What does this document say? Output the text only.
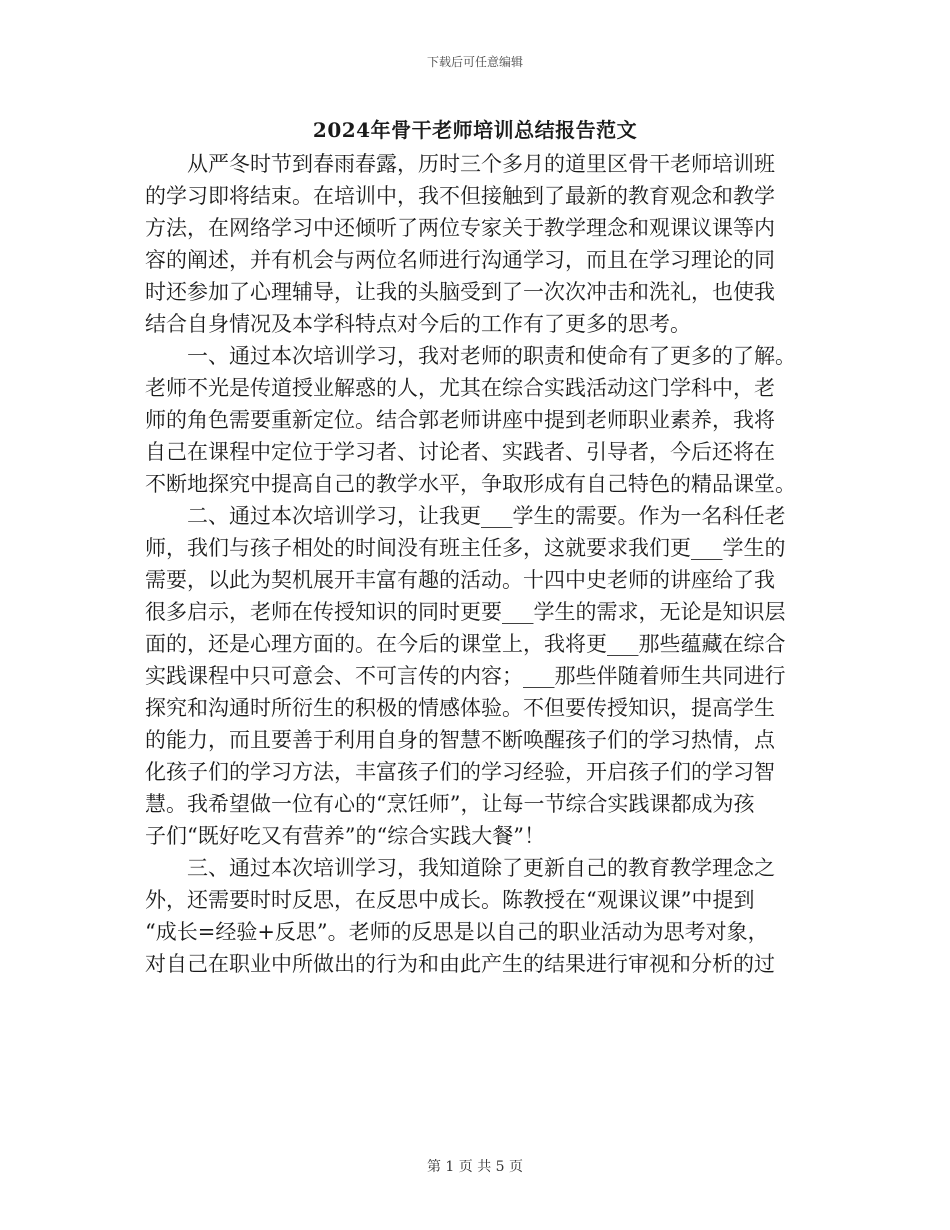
下载后可任意编辑
2024年骨干老师培训总结报告范文
　　从严冬时节到春雨春露，历时三个多月的道里区骨干老师培训班
的学习即将结束。在培训中，我不但接触到了最新的教育观念和教学
方法，在网络学习中还倾听了两位专家关于教学理念和观课议课等内
容的阐述，并有机会与两位名师进行沟通学习，而且在学习理论的同
时还参加了心理辅导，让我的头脑受到了一次次冲击和洗礼，也使我
结合自身情况及本学科特点对今后的工作有了更多的思考。
　　一、通过本次培训学习，我对老师的职责和使命有了更多的了解。
老师不光是传道授业解惑的人，尤其在综合实践活动这门学科中，老
师的角色需要重新定位。结合郭老师讲座中提到老师职业素养，我将
自己在课程中定位于学习者、讨论者、实践者、引导者，今后还将在
不断地探究中提高自己的教学水平，争取形成有自己特色的精品课堂。
　　二、通过本次培训学习，让我更___学生的需要。作为一名科任老
师，我们与孩子相处的时间没有班主任多，这就要求我们更___学生的
需要，以此为契机展开丰富有趣的活动。十四中史老师的讲座给了我
很多启示，老师在传授知识的同时更要___学生的需求，无论是知识层
面的，还是心理方面的。在今后的课堂上，我将更___那些蕴藏在综合
实践课程中只可意会、不可言传的内容；___那些伴随着师生共同进行
探究和沟通时所衍生的积极的情感体验。不但要传授知识，提高学生
的能力，而且要善于利用自身的智慧不断唤醒孩子们的学习热情，点
化孩子们的学习方法，丰富孩子们的学习经验，开启孩子们的学习智
慧。我希望做一位有心的“烹饪师”，让每一节综合实践课都成为孩
子们“既好吃又有营养”的“综合实践大餐”！
　　三、通过本次培训学习，我知道除了更新自己的教育教学理念之
外，还需要时时反思，在反思中成长。陈教授在“观课议课”中提到
“成长=经验+反思”。老师的反思是以自己的职业活动为思考对象，
对自己在职业中所做出的行为和由此产生的结果进行审视和分析的过
第 1 页 共 5 页
